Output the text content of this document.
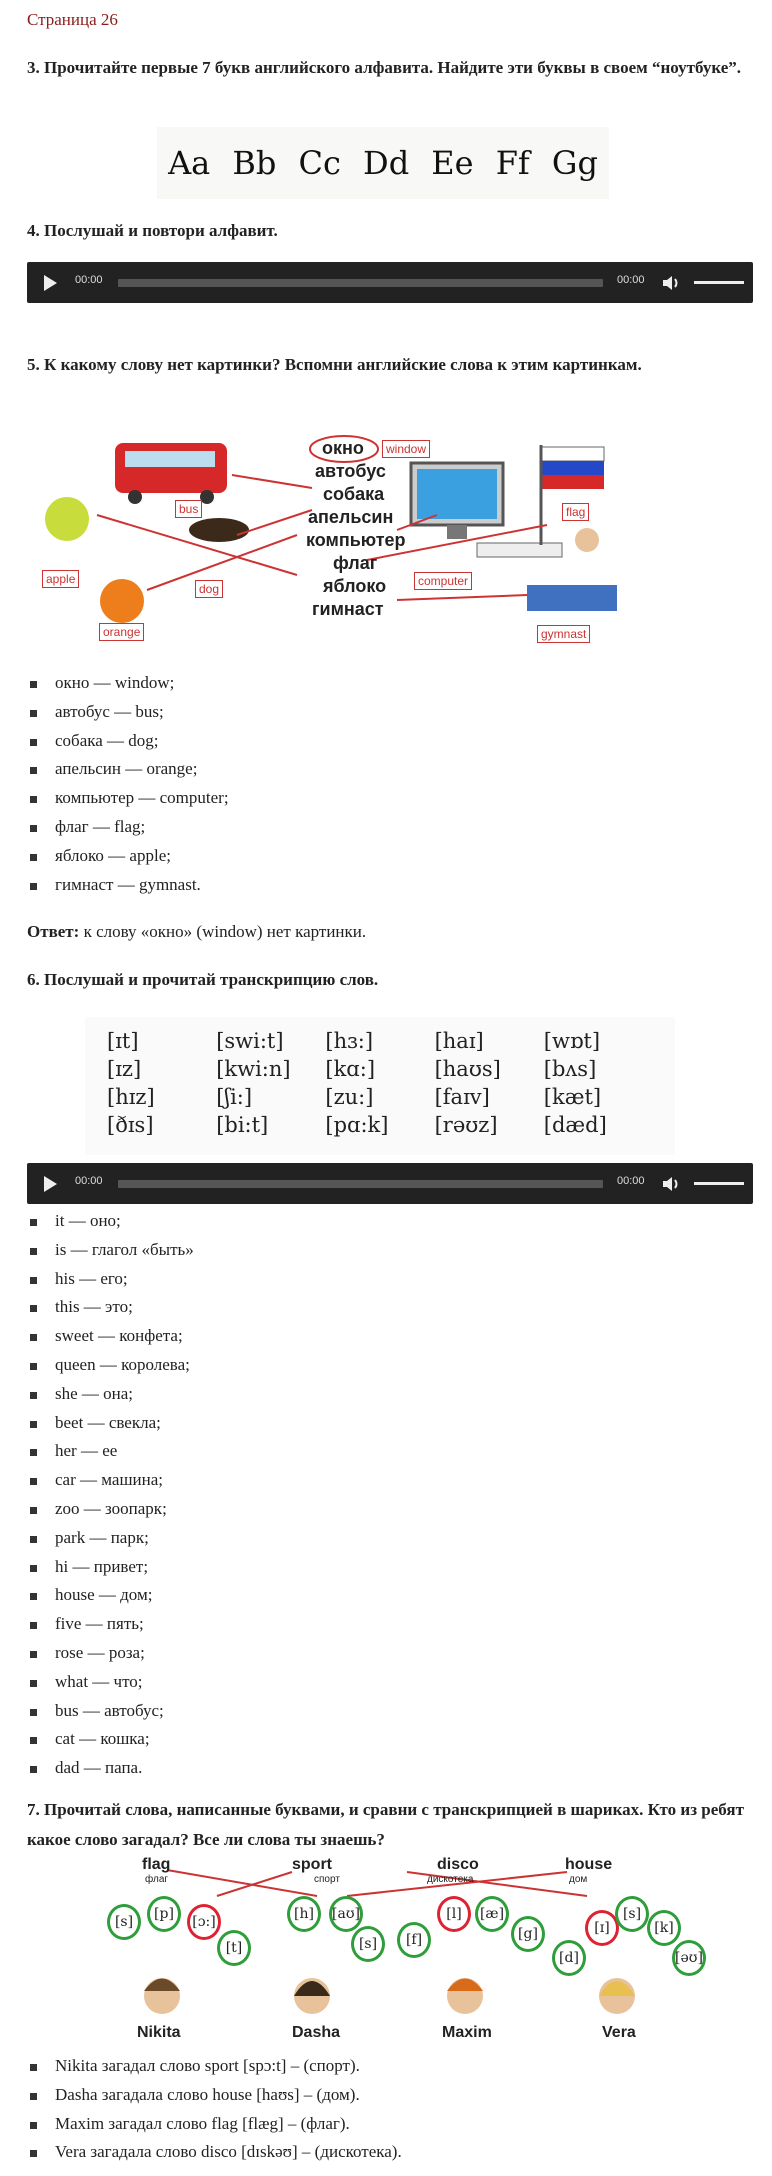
Страница 26
3. Прочитайте первые 7 букв английского алфавита. Найдите эти буквы в своем “ноутбуке”.
Aa Bb Cc Dd Ee Ff Gg
4. Послушай и повтори алфавит.
00:00	00:00
5. К какому слову нет картинки? Вспомни английские слова к этим картинкам.
окно
автобус
собака
апельсин
компьютер
флаг
яблоко
гимнаст
window
bus	flag
apple
dog
computer
orange	gymnast
окно — window;
автобус — bus;
собака — dog;
апельсин — orange;
компьютер — computer;
флаг — flag;
яблоко — apple;
гимнаст — gymnast.
Ответ: к слову «окно» (window) нет картинки.
6. Послушай и прочитай транскрипцию слов.
[ɪt]	[swi:t]	[hɜ:]	[haɪ]	[wɒt]
[ɪz]	[kwi:n]	[kɑ:]	[haʊs]	[bʌs]
[hɪz]	[ʃi:]	[zu:]	[faɪv]	[kæt]
[ðɪs]	[bi:t]	[pɑ:k]	[rəʊz]	[dæd]
00:00	00:00
it — оно;
is — глагол «быть»
his — его;
this — это;
sweet — конфета;
queen — королева;
she — она;
beet — свекла;
her — ее
car — машина;
zoo — зоопарк;
park — парк;
hi — привет;
house — дом;
five — пять;
rose — роза;
what — что;
bus — автобус;
cat — кошка;
dad — папа.
7. Прочитай слова, написанные буквами, и сравни с транскрипцией в шариках. Кто из ребят какое слово загадал? Все ли слова ты знаешь?
flag
флаг
sport
спорт
disco
дискотека
house
дом
[s]	[p]	[ɔ:]
[t]
[h]	[aʊ]
[s]	[f]
[l]	[æ]
[g]
[d]
[ɪ]
[s]
[k]
[əʊ]
Nikita	Dasha	Maxim	Vera
Nikita загадал слово sport [spɔ:t] – (спорт).
Dasha загадала слово house [haʊs] – (дом).
Maxim загадал слово flag [flæg] – (флаг).
Vera загадала слово disco [dɪskəʊ] – (дискотека).
